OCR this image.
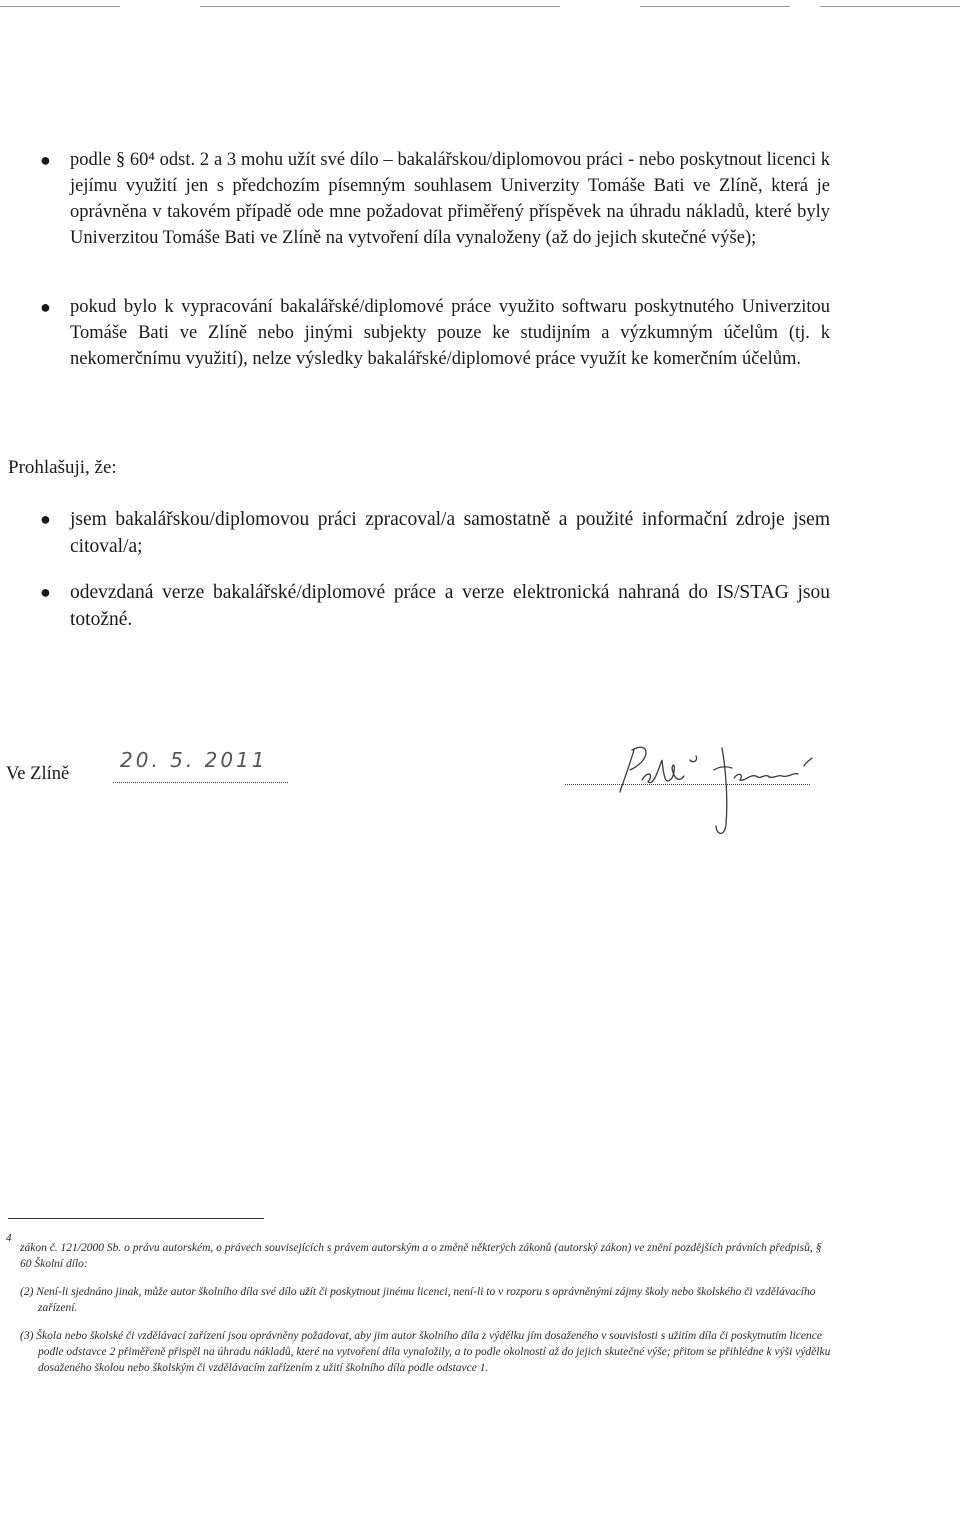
● podle § 60⁴ odst. 2 a 3 mohu užít své dílo – bakalářskou/diplomovou práci - nebo poskytnout licenci k jejímu využití jen s předchozím písemným souhlasem Univerzity Tomáše Bati ve Zlíně, která je oprávněna v takovém případě ode mne požadovat přiměřený příspěvek na úhradu nákladů, které byly Univerzitou Tomáše Bati ve Zlíně na vytvoření díla vynaloženy (až do jejich skutečné výše);
● pokud bylo k vypracování bakalářské/diplomové práce využito softwaru poskytnutého Univerzitou Tomáše Bati ve Zlíně nebo jinými subjekty pouze ke studijním a výzkumným účelům (tj. k nekomerčnímu využití), nelze výsledky bakalářské/diplomové práce využít ke komerčním účelům.
Prohlašuji, že:
● jsem bakalářskou/diplomovou práci zpracoval/a samostatně a použité informační zdroje jsem citoval/a;
● odevzdaná verze bakalářské/diplomové práce a verze elektronická nahraná do IS/STAG jsou totožné.
Ve Zlíně
20. 5. 2011
4
zákon č. 121/2000 Sb. o právu autorském, o právech souvisejících s právem autorským a o změně některých zákonů (autorský zákon) ve znění pozdějších právních předpisů, § 60 Školní dílo:
(2) Není-li sjednáno jinak, může autor školního díla své dílo užít či poskytnout jinému licenci, není-li to v rozporu s oprávněnými zájmy školy nebo školského či vzdělávacího zařízení.
(3) Škola nebo školské či vzdělávací zařízení jsou oprávněny požadovat, aby jim autor školního díla z výdělku jím dosaženého v souvislosti s užitím díla či poskytnutím licence podle odstavce 2 přiměřeně přispěl na úhradu nákladů, které na vytvoření díla vynaložily, a to podle okolností až do jejich skutečné výše; přitom se přihlédne k výši výdělku dosaženého školou nebo školským či vzdělávacím zařízením z užití školního díla podle odstavce 1.
